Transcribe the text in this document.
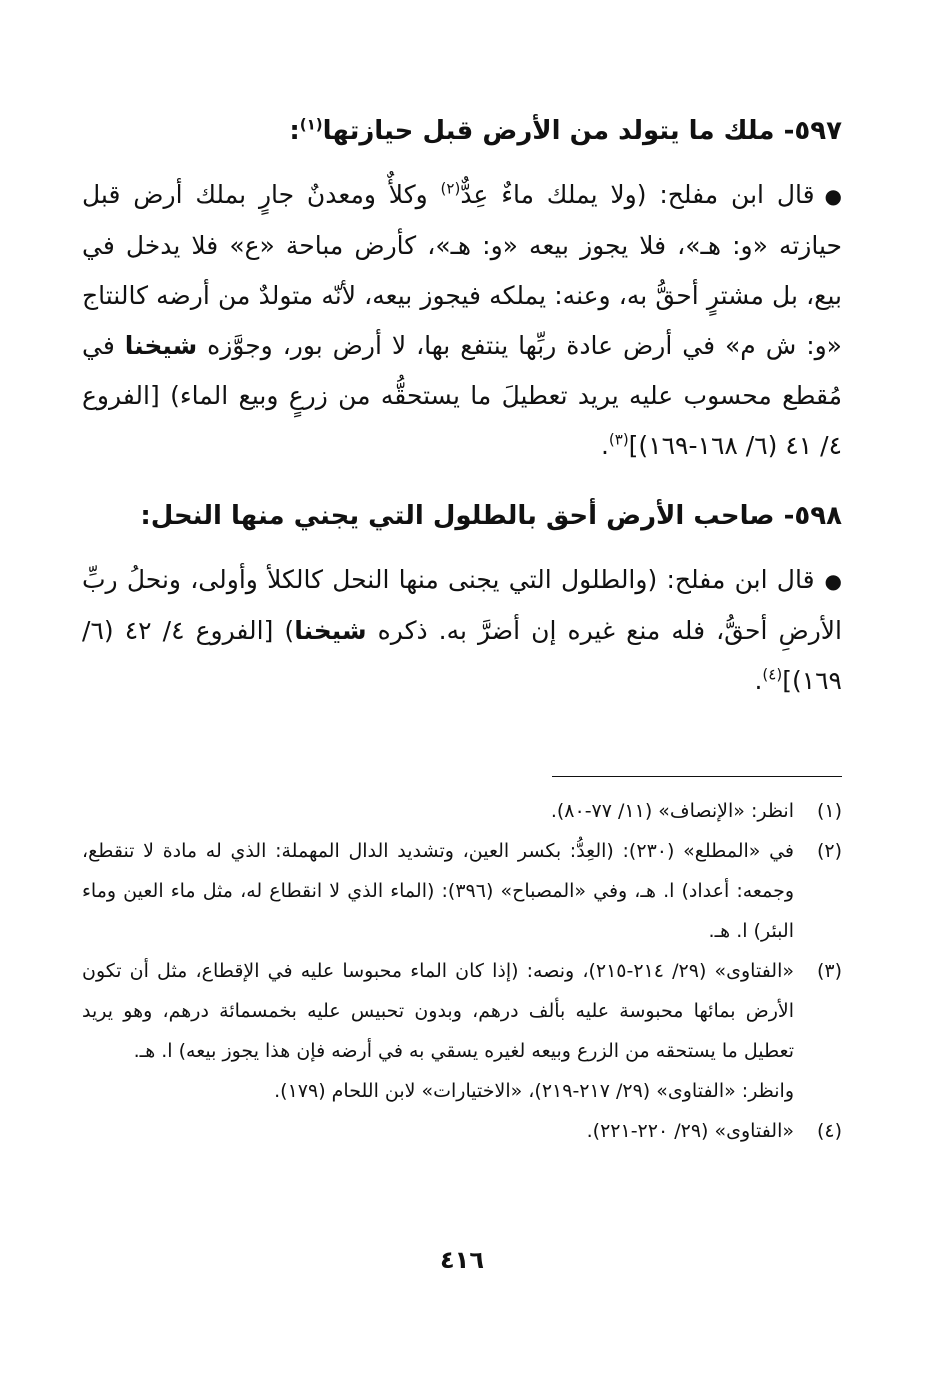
٥٩٧- ملك ما يتولد من الأرض قبل حيازتها$^{(١)}$:

●قال ابن مفلح: (ولا يملك ماءٌ عِدٌّ$^{(٢)}$ وكلأٌ ومعدنٌ جارٍ بملك أرض قبل حيازته «و: هـ»، فلا يجوز بيعه «و: هـ»، كأرض مباحة «ع» فلا يدخل في بيع، بل مشترٍ أحقُّ به، وعنه: يملكه فيجوز بيعه، لأنّه متولدٌ من أرضه كالنتاج «و: ش م» في أرض عادة ربِّها ينتفع بها، لا أرض بور، وجوَّزه شيخنا في مُقطع محسوب عليه يريد تعطيلَ ما يستحقُّه من زرعٍ وبيع الماء) [الفروع ٤/ ٤١ (٦/ ١٦٨-١٦٩)]$^{(٣)}$.

٥٩٨- صاحب الأرض أحق بالطلول التي يجني منها النحل:

●قال ابن مفلح: (والطلول التي يجنى منها النحل كالكلأ وأولى، ونحلُ ربِّ الأرضِ أحقُّ، فله منع غيره إن أضرَّ به. ذكره شيخنا) [الفروع ٤/ ٤٢ (٦/ ١٦٩)]$^{(٤)}$.

(١)
انظر: «الإنصاف» (١١/ ٧٧-٨٠).
(٢)
في «المطلع» (٢٣٠): (العِدُّ: بكسر العين، وتشديد الدال المهملة: الذي له مادة لا تنقطع، وجمعه: أعداد) ا. هـ، وفي «المصباح» (٣٩٦): (الماء الذي لا انقطاع له، مثل ماء العين وماء البئر) ا. هـ.
(٣)
«الفتاوى» (٢٩/ ٢١٤-٢١٥)، ونصه: (إذا كان الماء محبوسا عليه في الإقطاع، مثل أن تكون الأرض بمائها محبوسة عليه بألف درهم، وبدون تحبيس عليه بخمسمائة درهم، وهو يريد تعطيل ما يستحقه من الزرع وبيعه لغيره يسقي به في أرضه فإن هذا يجوز بيعه) ا. هـ.
وانظر: «الفتاوى» (٢٩/ ٢١٧-٢١٩)، «الاختيارات» لابن اللحام (١٧٩).
(٤)
«الفتاوى» (٢٩/ ٢٢٠-٢٢١).
٤١٦
